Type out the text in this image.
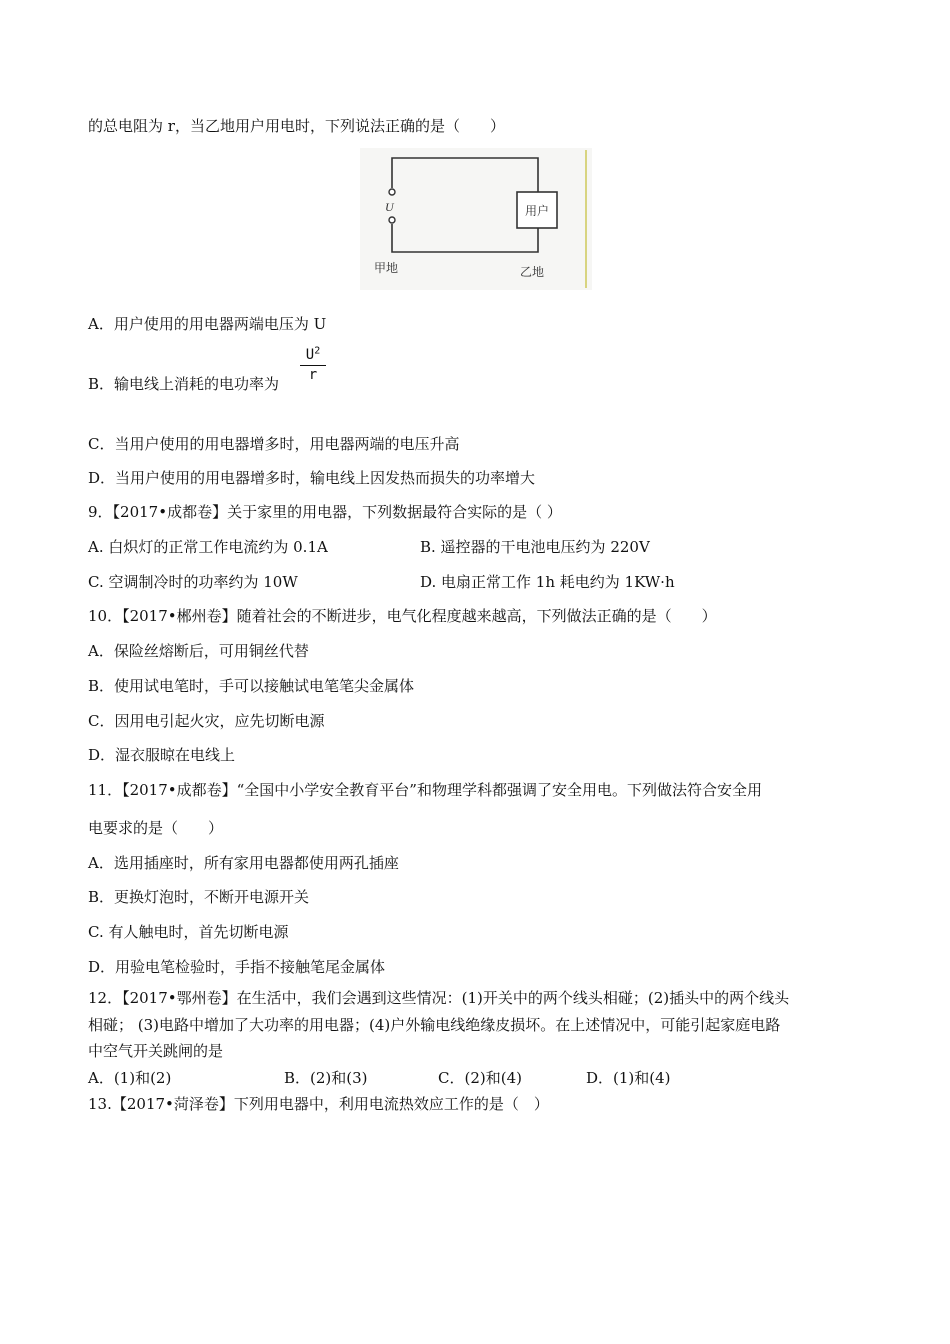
的总电阻为 r，当乙地用户用电时，下列说法正确的是（　　）
U	用户
甲地	乙地
A．用户使用的用电器两端电压为 U
B．输电线上消耗的电功率为
$U^2$
r
C．当用户使用的用电器增多时，用电器两端的电压升高
D．当用户使用的用电器增多时，输电线上因发热而损失的功率增大
9．【2017•成都卷】关于家里的用电器，下列数据最符合实际的是（ ）
A. 白炽灯的正常工作电流约为 0.1A	B. 遥控器的干电池电压约为 220V
C. 空调制冷时的功率约为 10W	D. 电扇正常工作 1h 耗电约为 1KW·h
10．【2017•郴州卷】随着社会的不断进步，电气化程度越来越高，下列做法正确的是（　　）
A．保险丝熔断后，可用铜丝代替
B．使用试电笔时，手可以接触试电笔笔尖金属体
C．因用电引起火灾，应先切断电源
D．湿衣服晾在电线上
11．【2017•成都卷】“全国中小学安全教育平台”和物理学科都强调了安全用电。下列做法符合安全用
电要求的是（　　）
A．选用插座时，所有家用电器都使用两孔插座
B．更换灯泡时，不断开电源开关
C. 有人触电时，首先切断电源
D．用验电笔检验时，手指不接触笔尾金属体
12．【2017•鄂州卷】在生活中，我们会遇到这些情况：(1)开关中的两个线头相碰；(2)插头中的两个线头
相碰； (3)电路中增加了大功率的用电器；(4)户外输电线绝缘皮损坏。在上述情况中，可能引起家庭电路
中空气开关跳闸的是
A．(1)和(2)	B．(2)和(3)	C．(2)和(4)	D．(1)和(4)
13.【2017•菏泽卷】下列用电器中，利用电流热效应工作的是（　）
